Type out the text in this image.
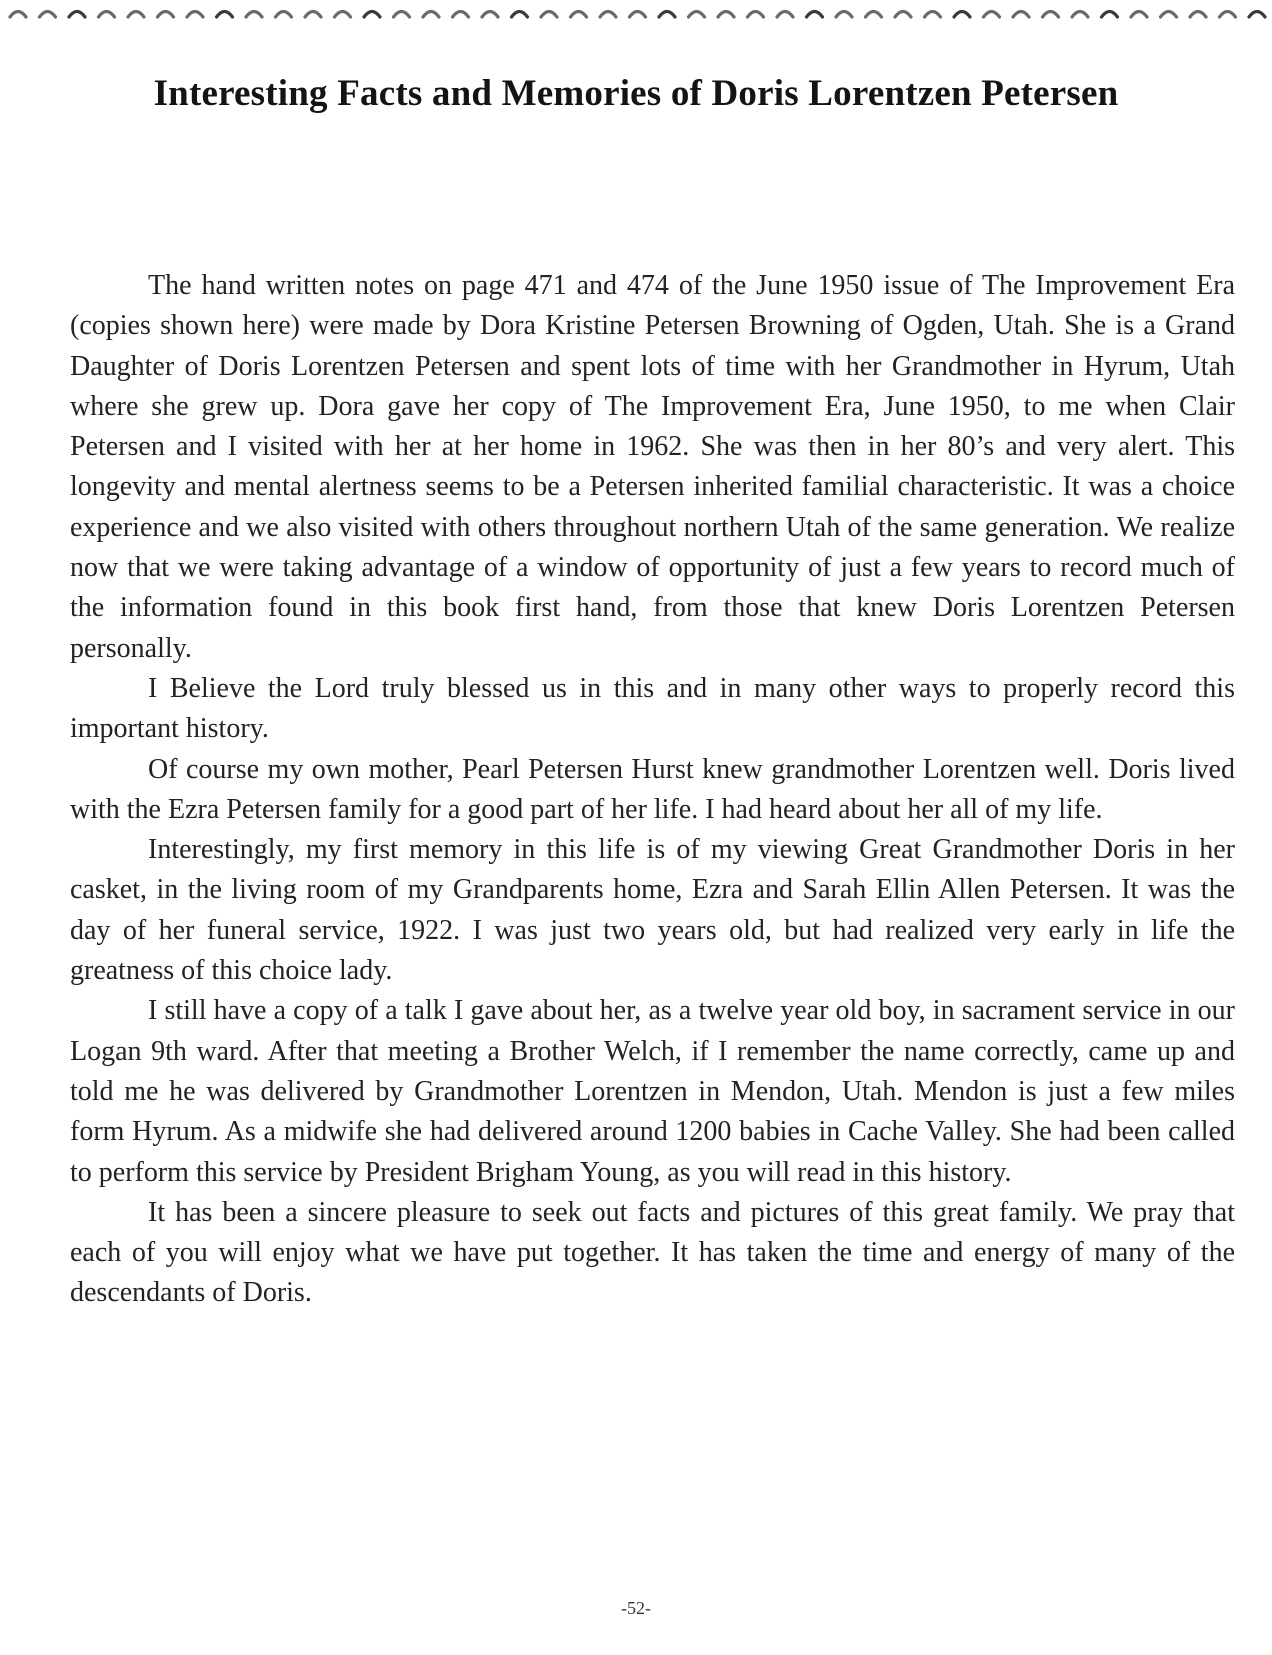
Interesting Facts and Memories of Doris Lorentzen Petersen

The hand written notes on page 471 and 474 of the June 1950 issue of The Improvement Era (copies shown here) were made by Dora Kristine Petersen Browning of Ogden, Utah. She is a Grand Daughter of Doris Lorentzen Petersen and spent lots of time with her Grandmother in Hyrum, Utah where she grew up. Dora gave her copy of The Improvement Era, June 1950, to me when Clair Petersen and I visited with her at her home in 1962. She was then in her 80’s and very alert. This longevity and mental alertness seems to be a Petersen inherited familial characteristic. It was a choice experience and we also visited with others throughout northern Utah of the same generation. We realize now that we were taking advantage of a window of opportunity of just a few years to record much of the information found in this book first hand, from those that knew Doris Lorentzen Petersen personally.

I Believe the Lord truly blessed us in this and in many other ways to properly record this important history.

Of course my own mother, Pearl Petersen Hurst knew grandmother Lorentzen well. Doris lived with the Ezra Petersen family for a good part of her life. I had heard about her all of my life.

Interestingly, my first memory in this life is of my viewing Great Grandmother Doris in her casket, in the living room of my Grandparents home, Ezra and Sarah Ellin Allen Petersen. It was the day of her funeral service, 1922. I was just two years old, but had realized very early in life the greatness of this choice lady.

I still have a copy of a talk I gave about her, as a twelve year old boy, in sacrament service in our Logan 9th ward. After that meeting a Brother Welch, if I remember the name correctly, came up and told me he was delivered by Grandmother Lorentzen in Mendon, Utah. Mendon is just a few miles form Hyrum. As a midwife she had delivered around 1200 babies in Cache Valley. She had been called to perform this service by President Brigham Young, as you will read in this history.

It has been a sincere pleasure to seek out facts and pictures of this great family. We pray that each of you will enjoy what we have put together. It has taken the time and energy of many of the descendants of Doris.

-52-
